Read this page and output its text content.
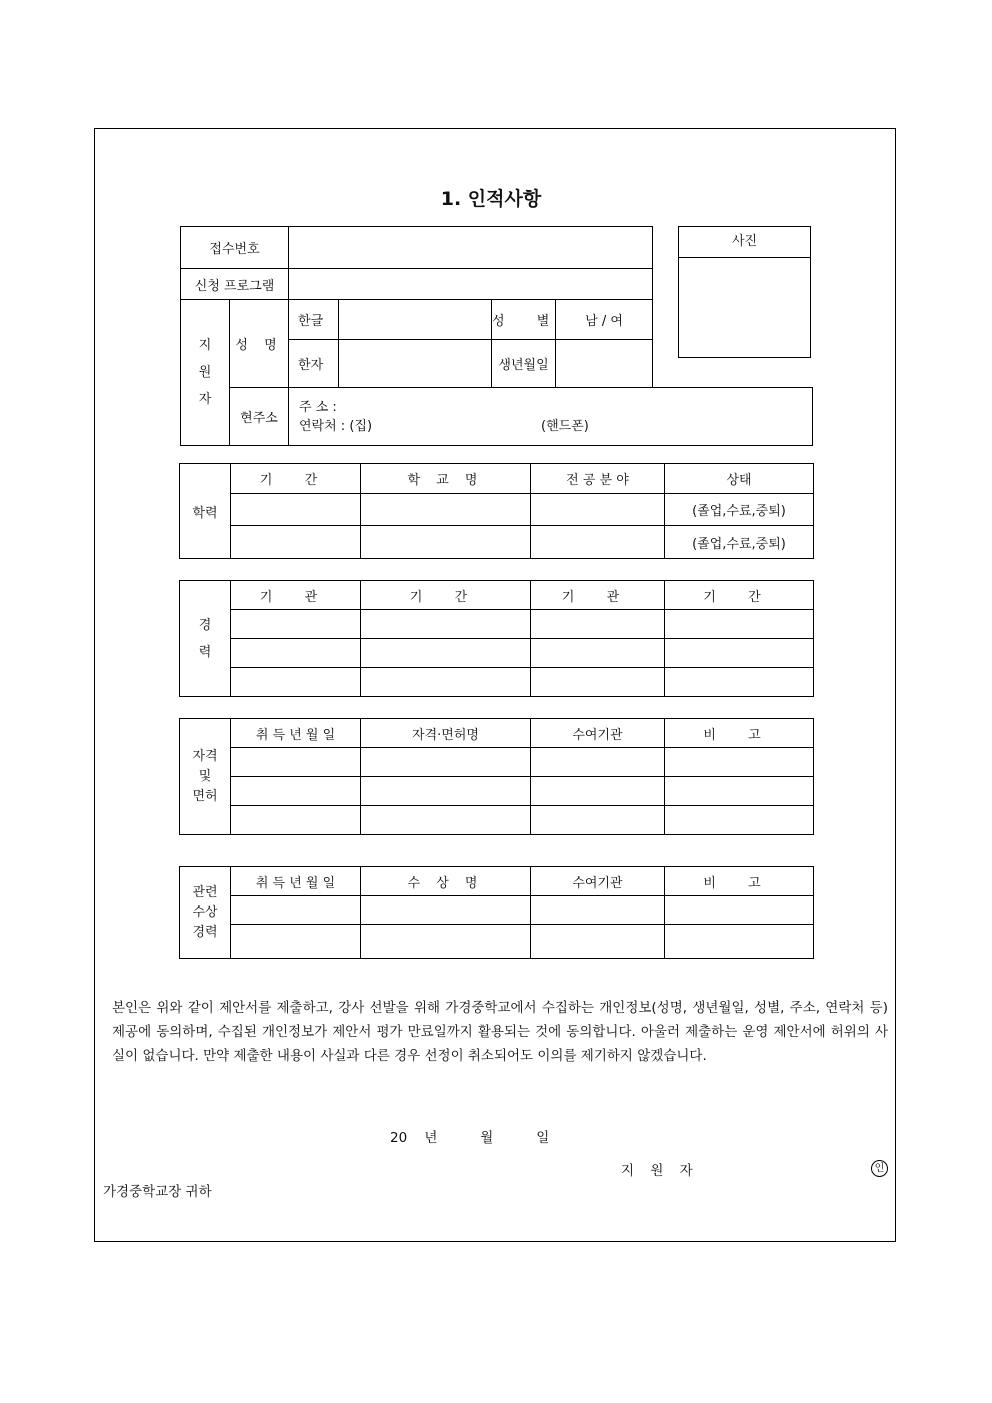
1. 인적사항
접수번호						
신청 프로그램						
지
원
자	성 명	한글		성 별	남 / 여	
		한자		생년월일		
	현주소					
주 소 :
연락처 : (집)	(핸드폰)
사진
학력	기 간	학 교 명	전 공 분 야	상태
				(졸업,수료,중퇴)
				(졸업,수료,중퇴)
경
력	기 관	기 간	기 관	기 간

자격
및
면허	취 득 년 월 일	자격·면허명	수여기관	비 고

관련
수상
경력	취 득 년 월 일	수 상 명	수여기관	비 고

본인은 위와 같이 제안서를 제출하고, 강사 선발을 위해 가경중학교에서 수집하는 개인정보(성명, 생년월일, 성별, 주소, 연락처 등) 제공에 동의하며, 수집된 개인정보가 제안서 평가 만료일까지 활용되는 것에 동의합니다. 아울러 제출하는 운영 제안서에 허위의 사실이 없습니다. 만약 제출한 내용이 사실과 다른 경우 선정이 취소되어도 이의를 제기하지 않겠습니다.
20    년          월          일
지 원 자	인
가경중학교장 귀하
